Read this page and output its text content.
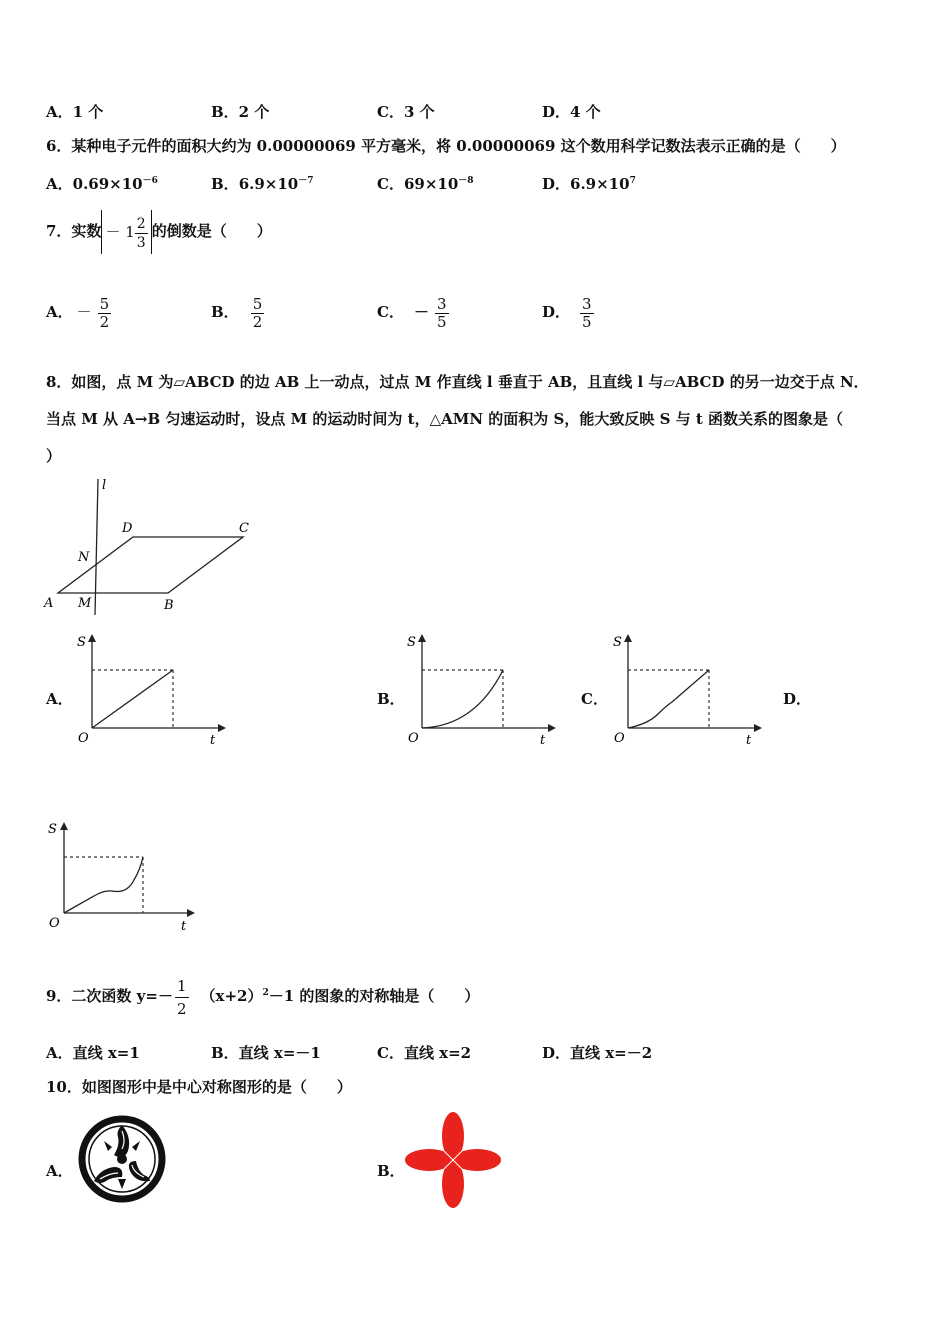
A．1 个	B．2 个	C．3 个	D．4 个
6．某种电子元件的面积大约为 0.00000069 平方毫米，将 0.00000069 这个数用科学记数法表示正确的是（　　）
A．$0.69\times 10^{-6}$	B．$6.9\times 10^{-7}$	C．$69\times 10^{-8}$	D．$6.9\times 10^7$
7．实数 － $1 \frac{2}{3}$ 的倒数是（　　）
A． － $\frac{5}{2}$	B． $\frac{5}{2}$	C． － $\frac{3}{5}$	D． $\frac{3}{5}$
8．如图，点 M 为▱ABCD 的边 AB 上一动点，过点 M 作直线 l 垂直于 AB，且直线 l 与▱ABCD 的另一边交于点 N．
当点 M 从 A→B 匀速运动时，设点 M 的运动时间为 t，△AMN 的面积为 S，能大致反映 S 与 t 函数关系的图象是（
）
l
D	C
N
A M	B
A．
S
O	t
B．
S
O	t
C．
S
O	t
D．
S
O	t
9．二次函数 $y=- \frac{1}{2} (x+2)^2-1$ 的图象的对称轴是（　　）
A．直线 x=1	B．直线 x=－1	C．直线 x=2	D．直线 x=－2
10．如图图形中是中心对称图形的是（　　）
A．	B．
